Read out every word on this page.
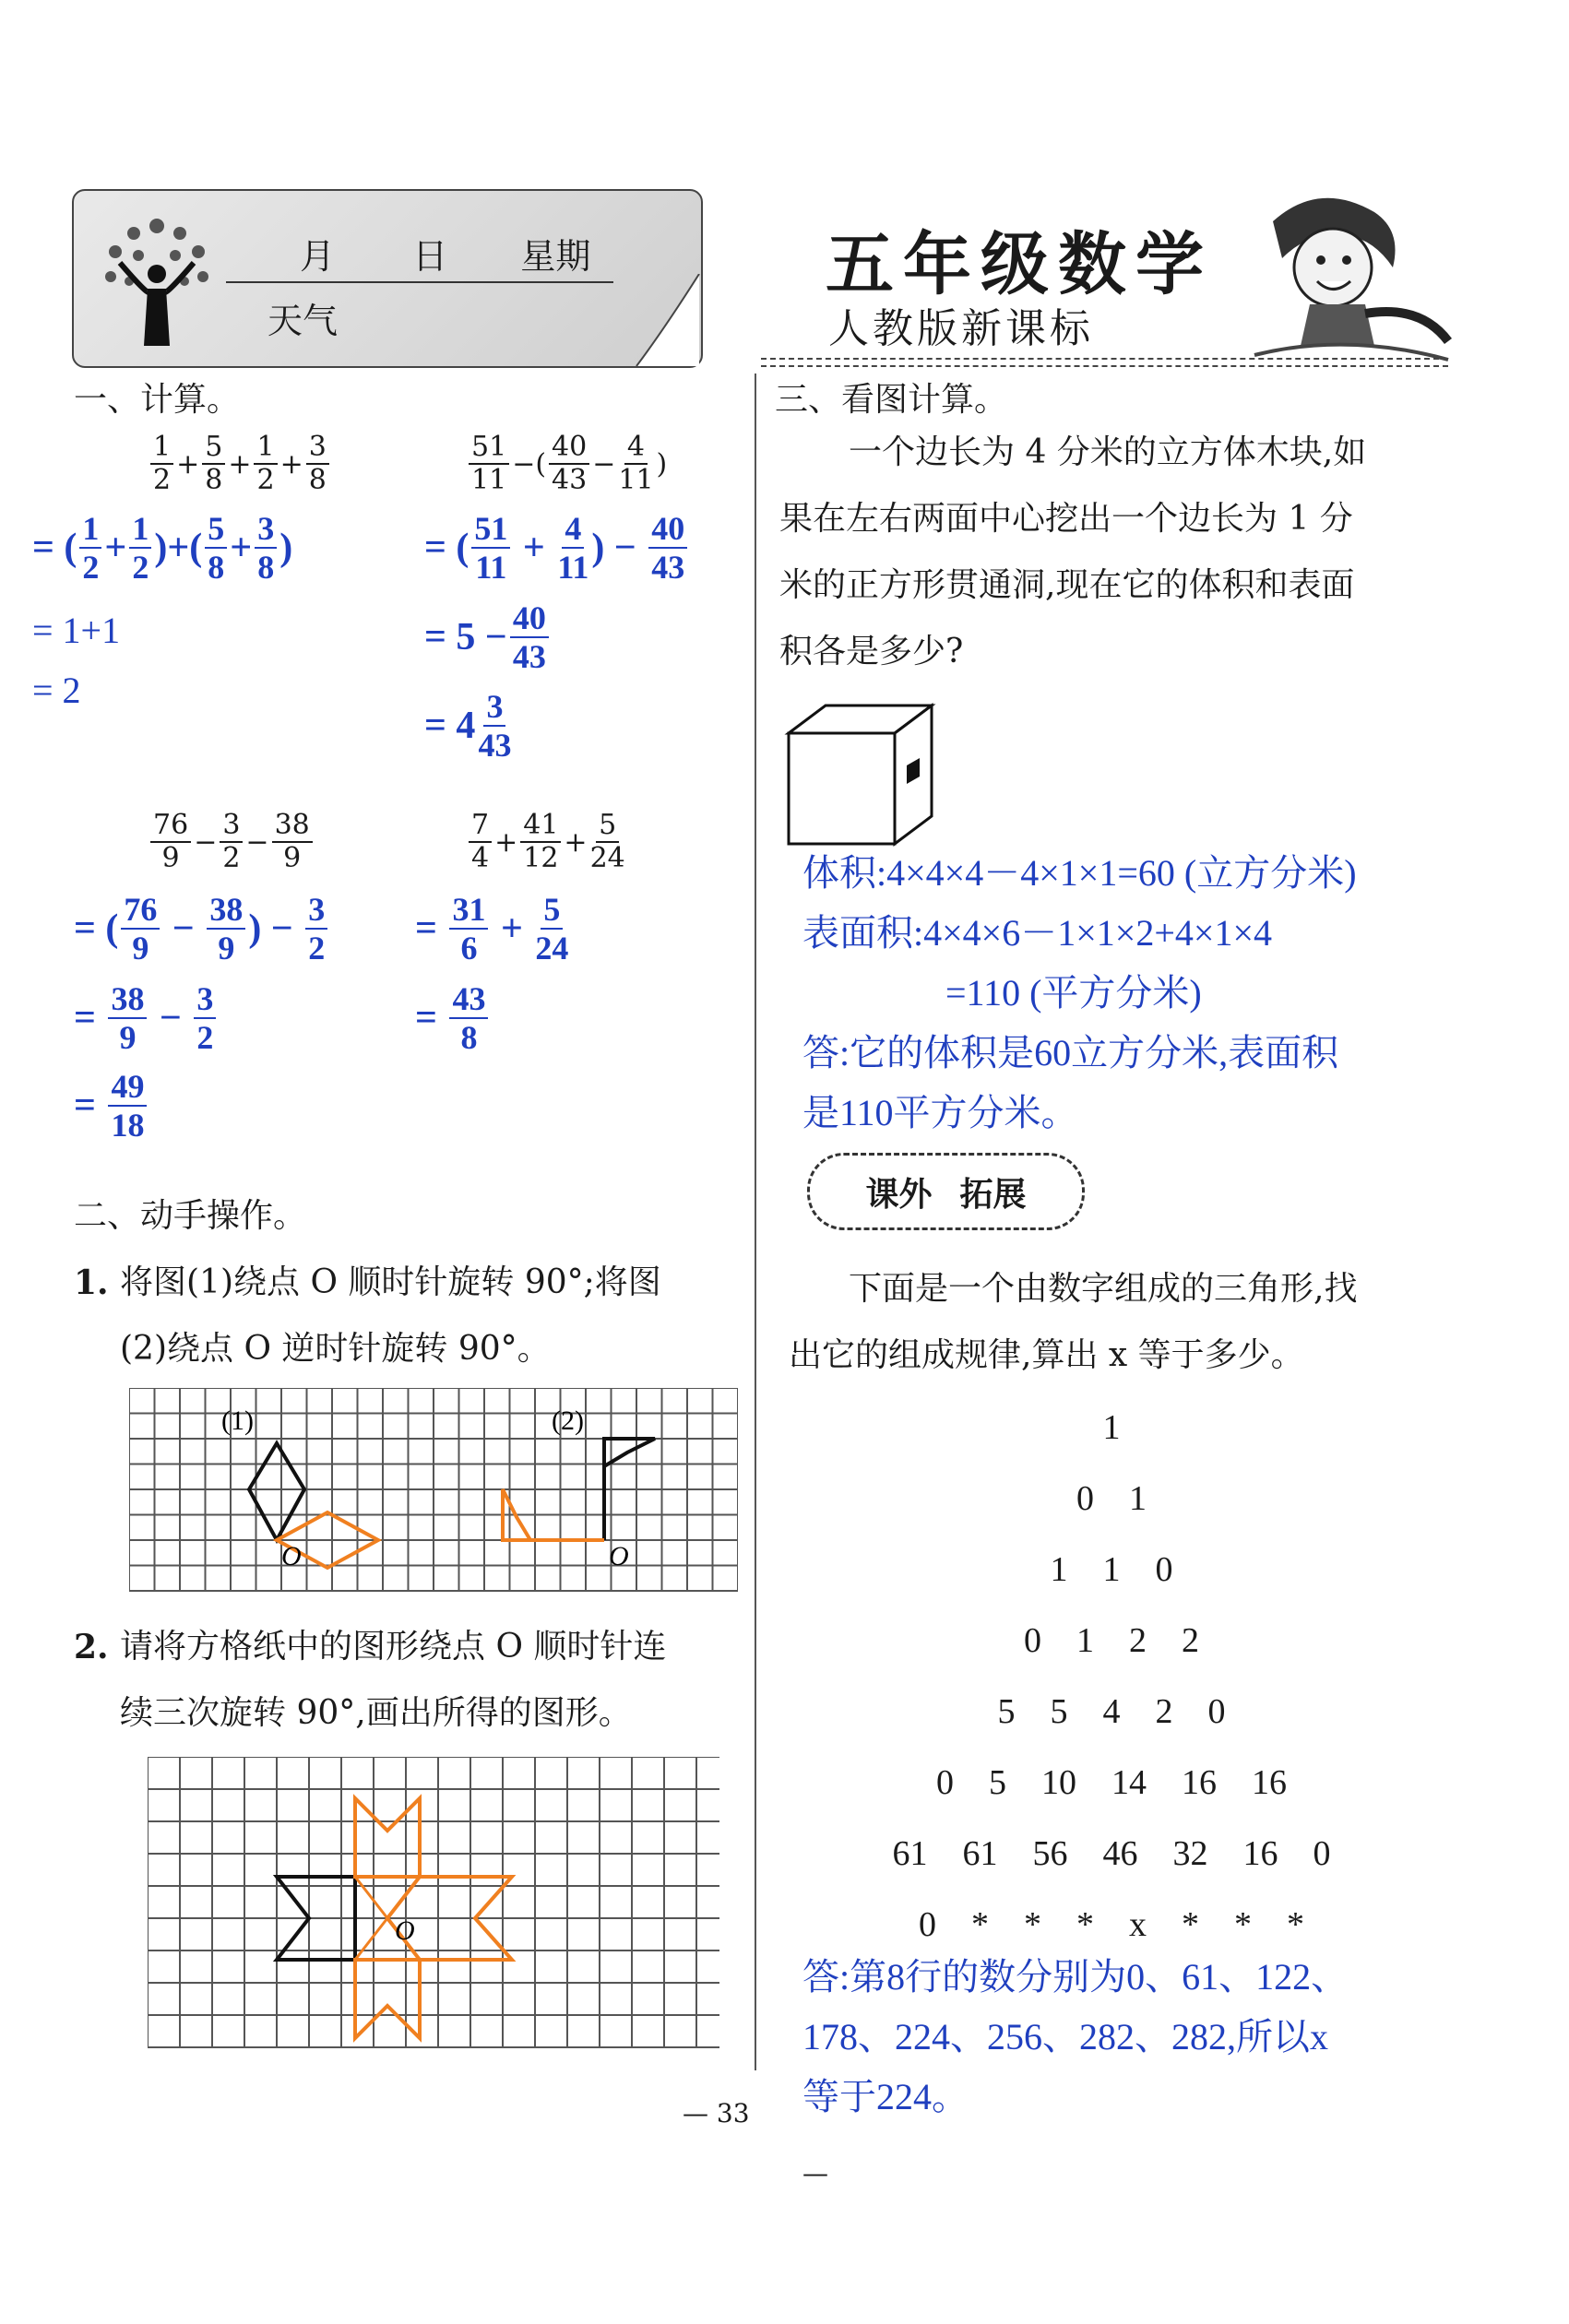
月 日 星期
天气
五年级数学
人教版新课标
一、计算。
$\frac{1}{2} + \frac{5}{8} + \frac{1}{2} + \frac{3}{8}$
= ( $\frac{1}{2} + \frac{1}{2}$ )+( $\frac{5}{8} + \frac{3}{8}$ )
= 1+1
= 2
$\frac{51}{11}$ −( $\frac{40}{43} - \frac{4}{11}$ )
= ( $\frac{51}{11} + \frac{4}{11}$ ) − $\frac{40}{43}$
= $5 - \frac{40}{43}$
= $4 \frac{3}{43}$
$\frac{76}{9} - \frac{3}{2} - \frac{38}{9}$
= ( $\frac{76}{9} - \frac{38}{9}$ ) − $\frac{3}{2}$
= $\frac{38}{9} - \frac{3}{2}$
= $\frac{49}{18}$
$\frac{7}{4} + \frac{41}{12} + \frac{5}{24}$
= $\frac{31}{6} + \frac{5}{24}$
= $\frac{43}{8}$
二、动手操作。
1. 将图(1)绕点 O 顺时针旋转 90°;将图
(2)绕点 O 逆时针旋转 90°。
(1)	(2)
O	O
2. 请将方格纸中的图形绕点 O 顺时针连
续三次旋转 90°,画出所得的图形。
O
三、看图计算。
一个边长为 4 分米的立方体木块,如
果在左右两面中心挖出一个边长为 1 分
米的正方形贯通洞,现在它的体积和表面
积各是多少?
体积:4×4×4－4×1×1=60 (立方分米)
表面积:4×4×6－1×1×2+4×1×4
=110 (平方分米)
答:它的体积是60立方分米,表面积
是110平方分米。
课外 拓展
下面是一个由数字组成的三角形,找
出它的组成规律,算出 x 等于多少。
1
0    1
1    1    0
0    1    2    2
5    5    4    2    0
0    5    10    14    16    16
61    61    56    46    32    16    0
0    *    *    *    x    *    *    *
答:第8行的数分别为0、61、122、
178、224、256、282、282,所以x
等于224。
— 33
—
